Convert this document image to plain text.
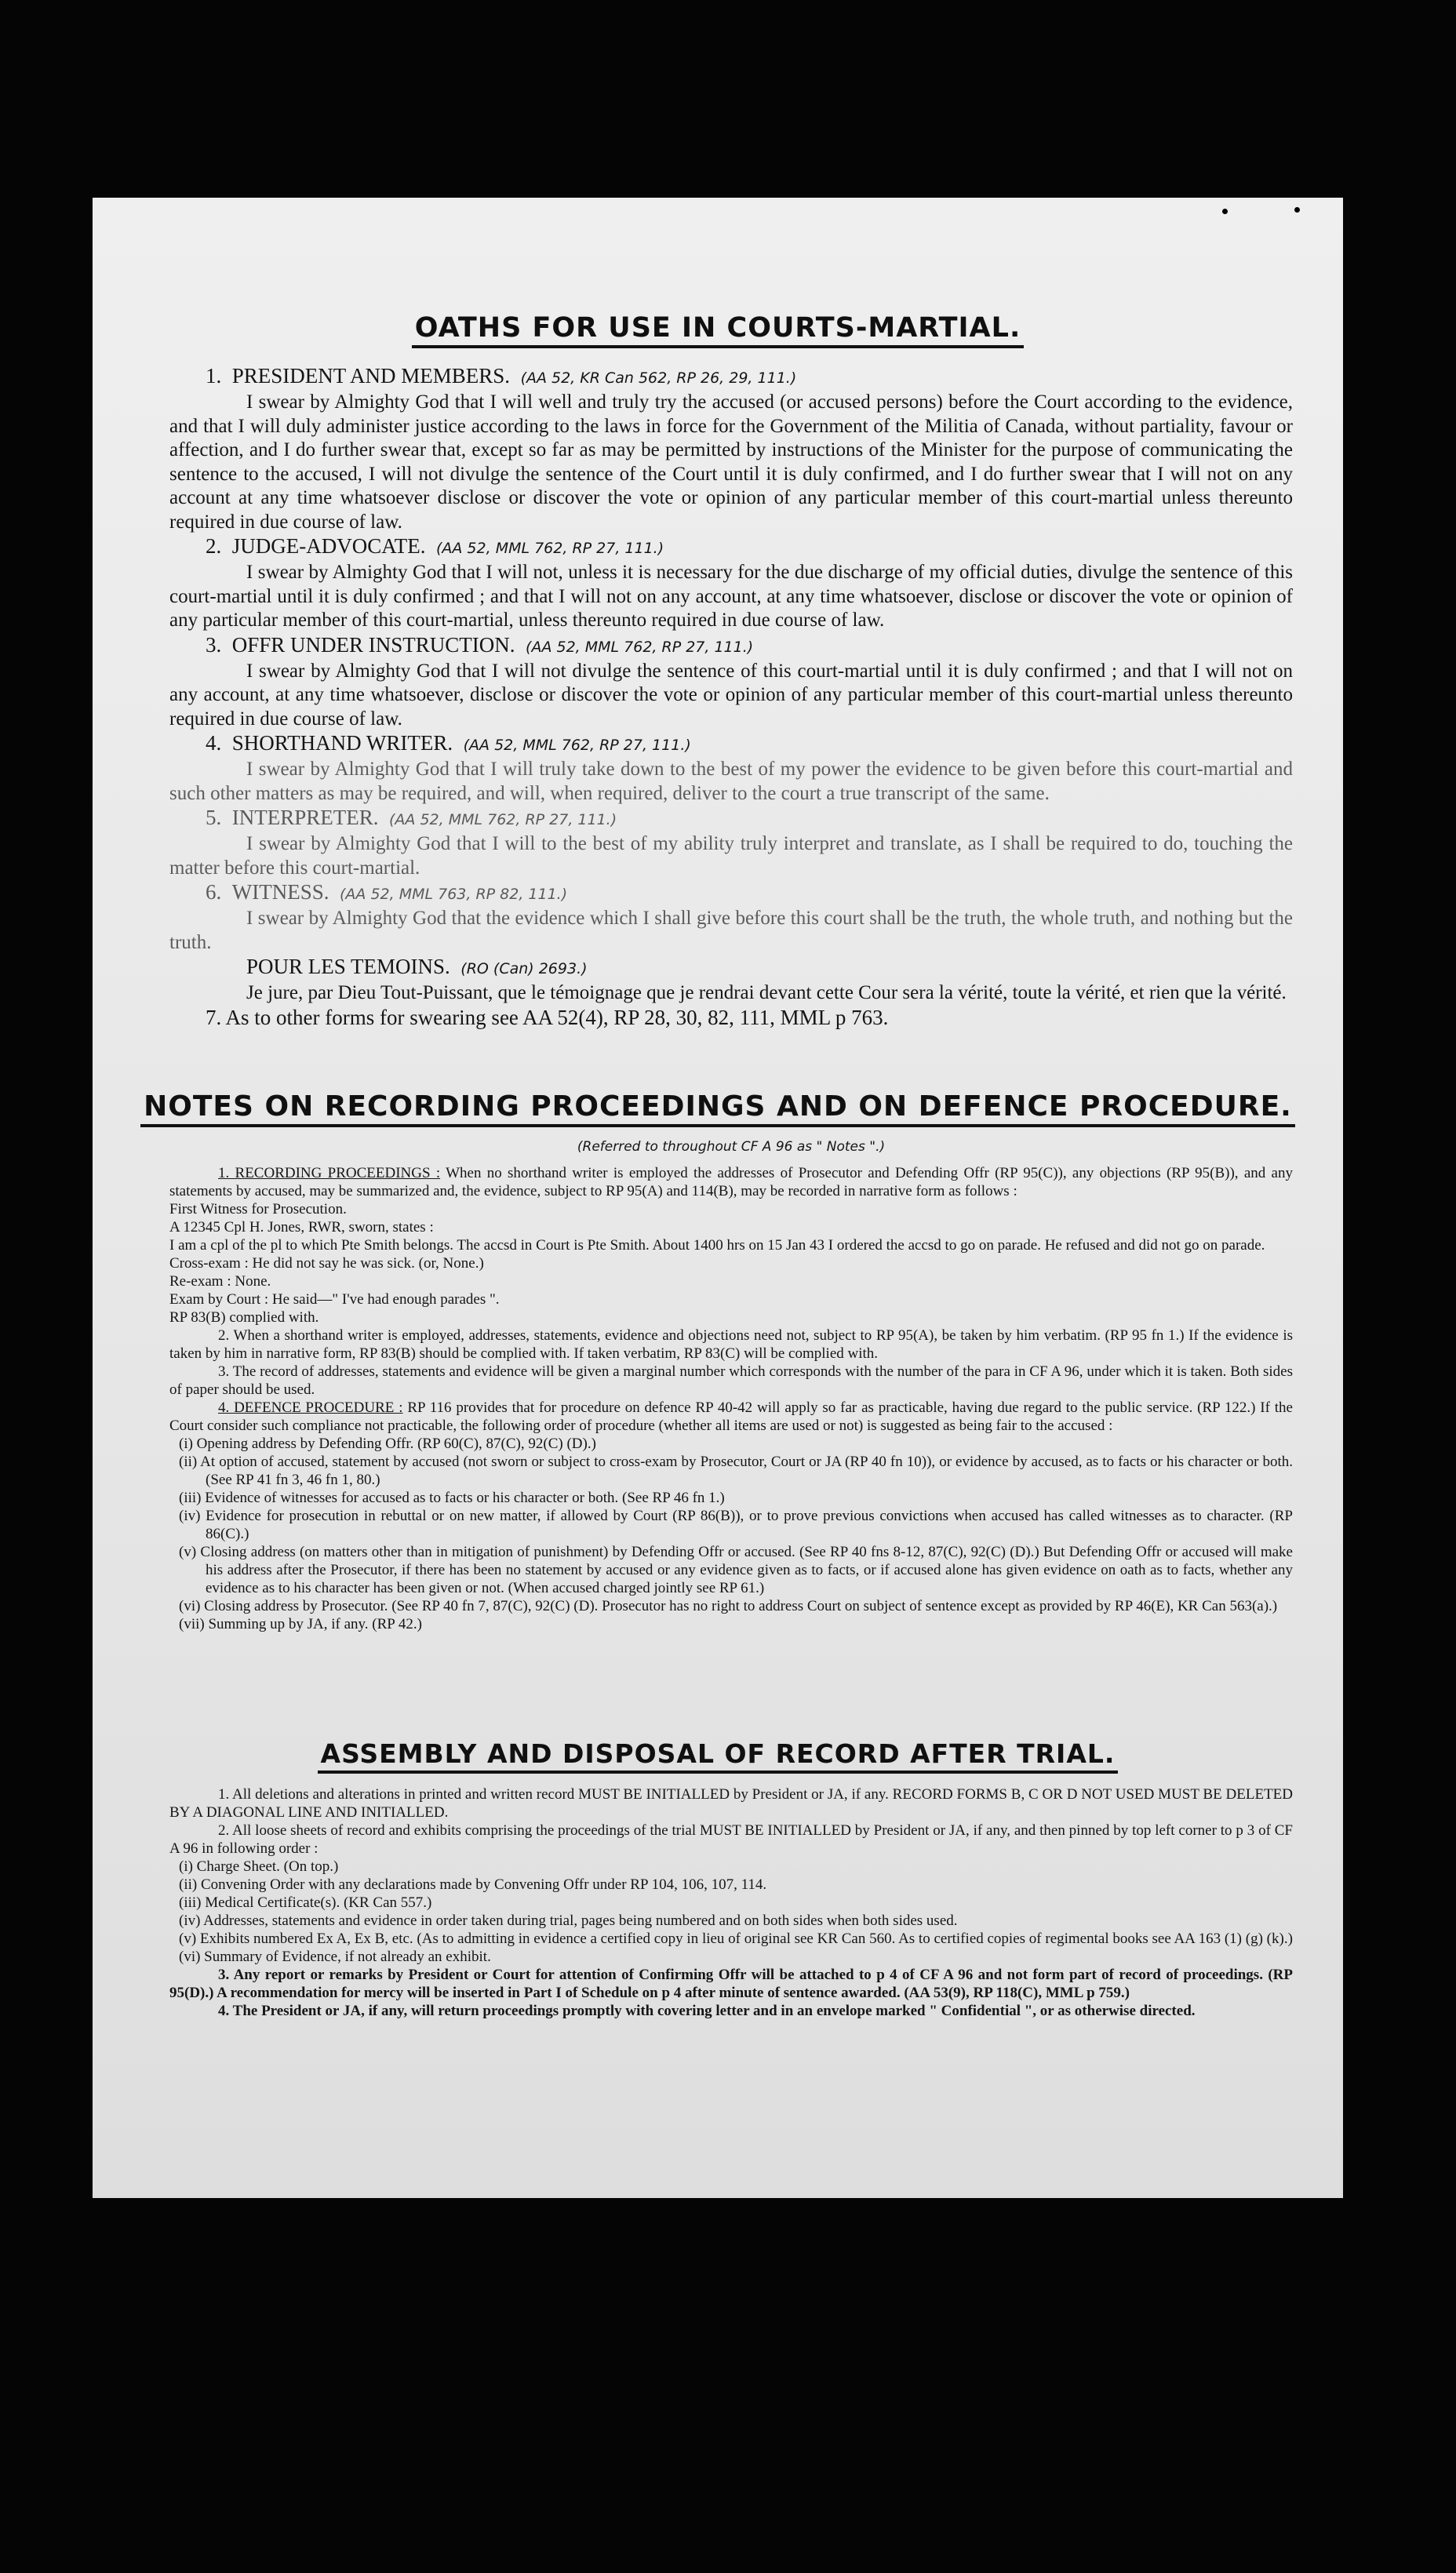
OATHS FOR USE IN COURTS-MARTIAL.
1. PRESIDENT AND MEMBERS. (AA 52, KR Can 562, RP 26, 29, 111.)

I swear by Almighty God that I will well and truly try the accused (or accused persons) before the Court according to the evidence, and that I will duly administer justice according to the laws in force for the Government of the Militia of Canada, without partiality, favour or affection, and I do further swear that, except so far as may be permitted by instructions of the Minister for the purpose of communicating the sentence to the accused, I will not divulge the sentence of the Court until it is duly confirmed, and I do further swear that I will not on any account at any time whatsoever disclose or discover the vote or opinion of any particular member of this court-martial unless thereunto required in due course of law.

2. JUDGE-ADVOCATE. (AA 52, MML 762, RP 27, 111.)

I swear by Almighty God that I will not, unless it is necessary for the due discharge of my official duties, divulge the sentence of this court-martial until it is duly confirmed ; and that I will not on any account, at any time whatsoever, disclose or discover the vote or opinion of any particular member of this court-martial, unless thereunto required in due course of law.

3. OFFR UNDER INSTRUCTION. (AA 52, MML 762, RP 27, 111.)

I swear by Almighty God that I will not divulge the sentence of this court-martial until it is duly confirmed ; and that I will not on any account, at any time whatsoever, disclose or discover the vote or opinion of any particular member of this court-martial unless thereunto required in due course of law.

4. SHORTHAND WRITER. (AA 52, MML 762, RP 27, 111.)

I swear by Almighty God that I will truly take down to the best of my power the evidence to be given before this court-martial and such other matters as may be required, and will, when required, deliver to the court a true transcript of the same.

5. INTERPRETER. (AA 52, MML 762, RP 27, 111.)

I swear by Almighty God that I will to the best of my ability truly interpret and translate, as I shall be required to do, touching the matter before this court-martial.

6. WITNESS. (AA 52, MML 763, RP 82, 111.)

I swear by Almighty God that the evidence which I shall give before this court shall be the truth, the whole truth, and nothing but the truth.

POUR LES TEMOINS. (RO (Can) 2693.)

Je jure, par Dieu Tout-Puissant, que le témoignage que je rendrai devant cette Cour sera la vérité, toute la vérité, et rien que la vérité.

7. As to other forms for swearing see AA 52(4), RP 28, 30, 82, 111, MML p 763.
NOTES ON RECORDING PROCEEDINGS AND ON DEFENCE PROCEDURE.
(Referred to throughout CF A 96 as " Notes ".)

1. RECORDING PROCEEDINGS : When no shorthand writer is employed the addresses of Prosecutor and Defending Offr (RP 95(C)), any objections (RP 95(B)), and any statements by accused, may be summarized and, the evidence, subject to RP 95(A) and 114(B), may be recorded in narrative form as follows :

First Witness for Prosecution.

A 12345 Cpl H. Jones, RWR, sworn, states :

I am a cpl of the pl to which Pte Smith belongs. The accsd in Court is Pte Smith. About 1400 hrs on 15 Jan 43 I ordered the accsd to go on parade. He refused and did not go on parade.

Cross-exam : He did not say he was sick. (or, None.)

Re-exam : None.

Exam by Court : He said—" I've had enough parades ".

RP 83(B) complied with.

2. When a shorthand writer is employed, addresses, statements, evidence and objections need not, subject to RP 95(A), be taken by him verbatim. (RP 95 fn 1.) If the evidence is taken by him in narrative form, RP 83(B) should be complied with. If taken verbatim, RP 83(C) will be complied with.

3. The record of addresses, statements and evidence will be given a marginal number which corresponds with the number of the para in CF A 96, under which it is taken. Both sides of paper should be used.

4. DEFENCE PROCEDURE : RP 116 provides that for procedure on defence RP 40-42 will apply so far as practicable, having due regard to the public service. (RP 122.) If the Court consider such compliance not practicable, the following order of procedure (whether all items are used or not) is suggested as being fair to the accused :

(i) Opening address by Defending Offr. (RP 60(C), 87(C), 92(C) (D).)

(ii) At option of accused, statement by accused (not sworn or subject to cross-exam by Prosecutor, Court or JA (RP 40 fn 10)), or evidence by accused, as to facts or his character or both. (See RP 41 fn 3, 46 fn 1, 80.)

(iii) Evidence of witnesses for accused as to facts or his character or both. (See RP 46 fn 1.)

(iv) Evidence for prosecution in rebuttal or on new matter, if allowed by Court (RP 86(B)), or to prove previous convictions when accused has called witnesses as to character. (RP 86(C).)

(v) Closing address (on matters other than in mitigation of punishment) by Defending Offr or accused. (See RP 40 fns 8-12, 87(C), 92(C) (D).) But Defending Offr or accused will make his address after the Prosecutor, if there has been no statement by accused or any evidence given as to facts, or if accused alone has given evidence on oath as to facts, whether any evidence as to his character has been given or not. (When accused charged jointly see RP 61.)

(vi) Closing address by Prosecutor. (See RP 40 fn 7, 87(C), 92(C) (D). Prosecutor has no right to address Court on subject of sentence except as provided by RP 46(E), KR Can 563(a).)

(vii) Summing up by JA, if any. (RP 42.)

ASSEMBLY AND DISPOSAL OF RECORD AFTER TRIAL.

1. All deletions and alterations in printed and written record MUST BE INITIALLED by President or JA, if any. RECORD FORMS B, C OR D NOT USED MUST BE DELETED BY A DIAGONAL LINE AND INITIALLED.

2. All loose sheets of record and exhibits comprising the proceedings of the trial MUST BE INITIALLED by President or JA, if any, and then pinned by top left corner to p 3 of CF A 96 in following order :

(i) Charge Sheet. (On top.)

(ii) Convening Order with any declarations made by Convening Offr under RP 104, 106, 107, 114.

(iii) Medical Certificate(s). (KR Can 557.)

(iv) Addresses, statements and evidence in order taken during trial, pages being numbered and on both sides when both sides used.

(v) Exhibits numbered Ex A, Ex B, etc. (As to admitting in evidence a certified copy in lieu of original see KR Can 560. As to certified copies of regimental books see AA 163 (1) (g) (k).)

(vi) Summary of Evidence, if not already an exhibit.

3. Any report or remarks by President or Court for attention of Confirming Offr will be attached to p 4 of CF A 96 and not form part of record of proceedings. (RP 95(D).) A recommendation for mercy will be inserted in Part I of Schedule on p 4 after minute of sentence awarded. (AA 53(9), RP 118(C), MML p 759.)

4. The President or JA, if any, will return proceedings promptly with covering letter and in an envelope marked " Confidential ", or as otherwise directed.
